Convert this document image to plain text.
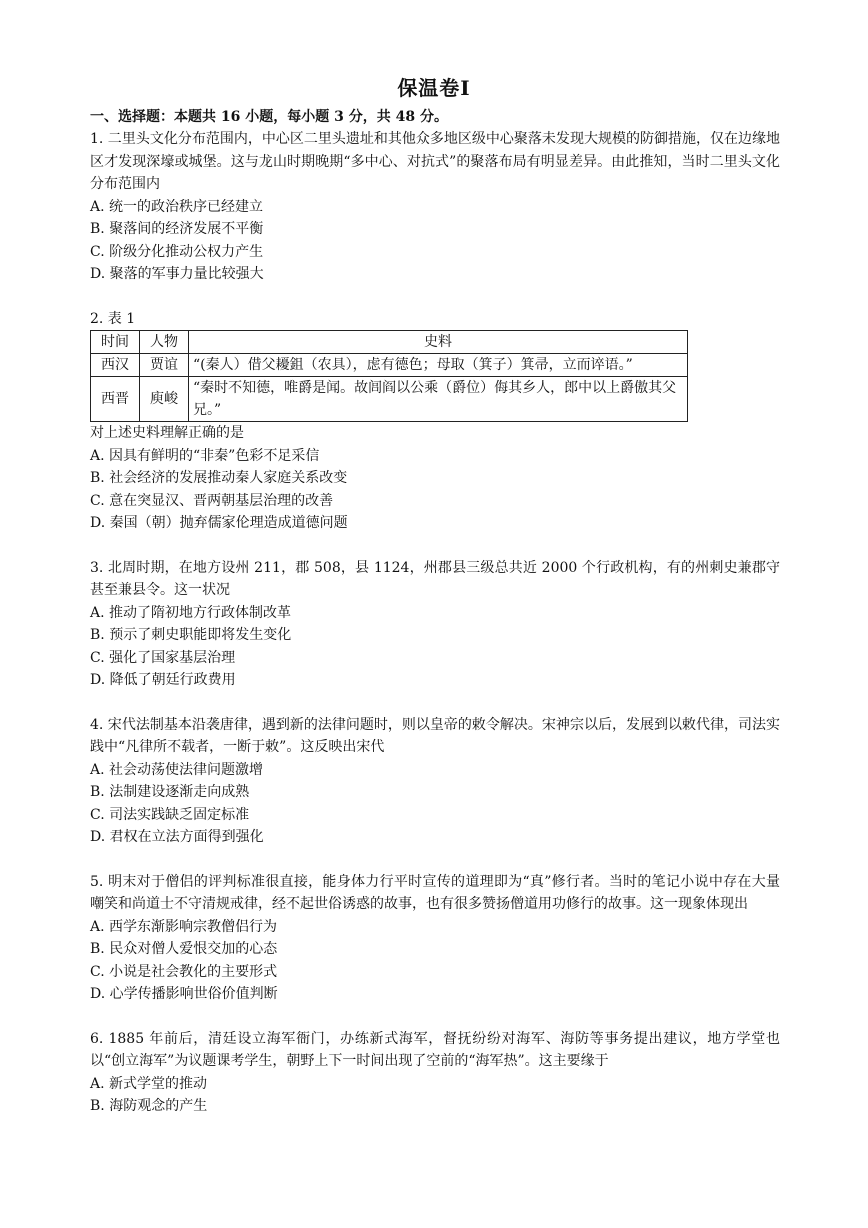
保温卷Ⅰ

一、选择题：本题共 16 小题，每小题 3 分，共 48 分。

1. 二里头文化分布范围内，中心区二里头遗址和其他众多地区级中心聚落未发现大规模的防御措施，仅在边缘地区才发现深壕或城堡。这与龙山时期晚期“多中心、对抗式”的聚落布局有明显差异。由此推知，当时二里头文化分布范围内

A. 统一的政治秩序已经建立

B. 聚落间的经济发展不平衡

C. 阶级分化推动公权力产生

D. 聚落的军事力量比较强大

2. 表 1

时间	人物	史料
西汉	贾谊	“(秦人）借父耰鉏（农具），虑有德色；母取（箕子）箕帚，立而谇语。”
西晋	庾峻	“秦时不知德，唯爵是闻。故闾阎以公乘（爵位）侮其乡人，郎中以上爵傲其父兄。”

对上述史料理解正确的是

A. 因具有鲜明的“非秦”色彩不足采信

B. 社会经济的发展推动秦人家庭关系改变

C. 意在突显汉、晋两朝基层治理的改善

D. 秦国（朝）抛弃儒家伦理造成道德问题

3. 北周时期，在地方设州 211，郡 508，县 1124，州郡县三级总共近 2000 个行政机构，有的州刺史兼郡守甚至兼县令。这一状况

A. 推动了隋初地方行政体制改革

B. 预示了刺史职能即将发生变化

C. 强化了国家基层治理

D. 降低了朝廷行政费用

4. 宋代法制基本沿袭唐律，遇到新的法律问题时，则以皇帝的敕令解决。宋神宗以后，发展到以敕代律，司法实践中“凡律所不载者，一断于敕”。这反映出宋代

A. 社会动荡使法律问题激增

B. 法制建设逐渐走向成熟

C. 司法实践缺乏固定标准

D. 君权在立法方面得到强化

5. 明末对于僧侣的评判标准很直接，能身体力行平时宣传的道理即为“真”修行者。当时的笔记小说中存在大量嘲笑和尚道士不守清规戒律，经不起世俗诱惑的故事，也有很多赞扬僧道用功修行的故事。这一现象体现出

A. 西学东渐影响宗教僧侣行为

B. 民众对僧人爱恨交加的心态

C. 小说是社会教化的主要形式

D. 心学传播影响世俗价值判断

6. 1885 年前后，清廷设立海军衙门，办练新式海军，督抚纷纷对海军、海防等事务提出建议，地方学堂也以“创立海军”为议题课考学生，朝野上下一时间出现了空前的“海军热”。这主要缘于

A. 新式学堂的推动

B. 海防观念的产生
